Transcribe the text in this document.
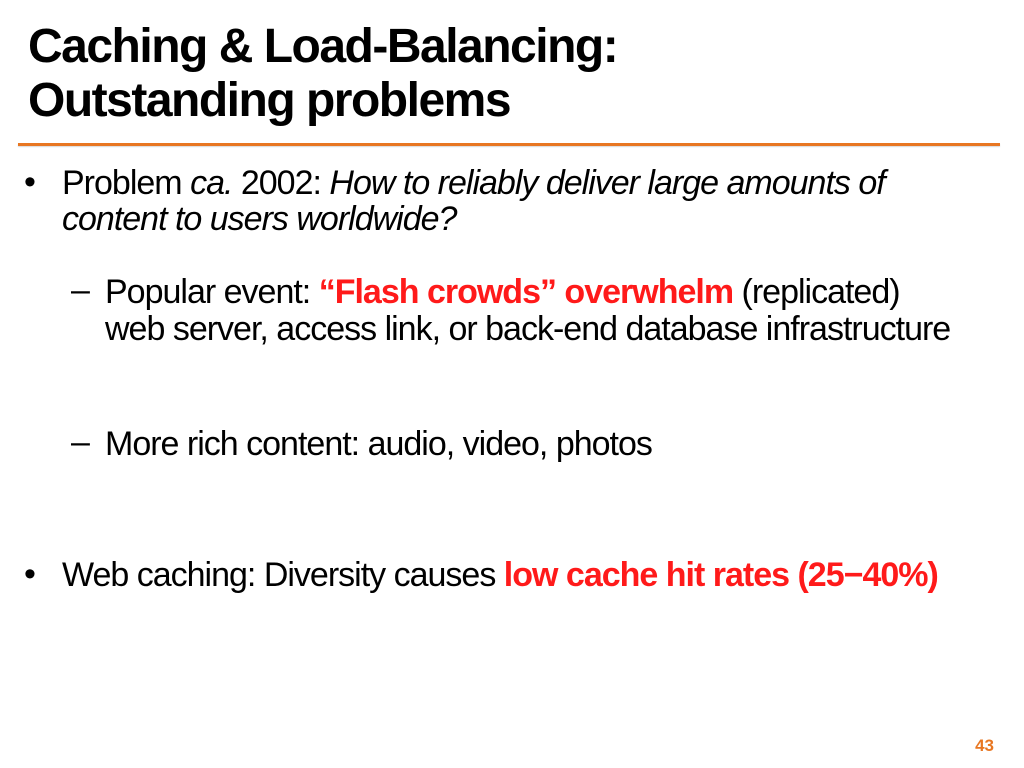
Caching & Load-Balancing:
Outstanding problems
• Problem ca. 2002: How to reliably deliver large amounts of content to users worldwide?
– Popular event: “Flash crowds” overwhelm (replicated) web server, access link, or back-end database infrastructure
– More rich content: audio, video, photos
• Web caching: Diversity causes low cache hit rates (25−40%)
43
